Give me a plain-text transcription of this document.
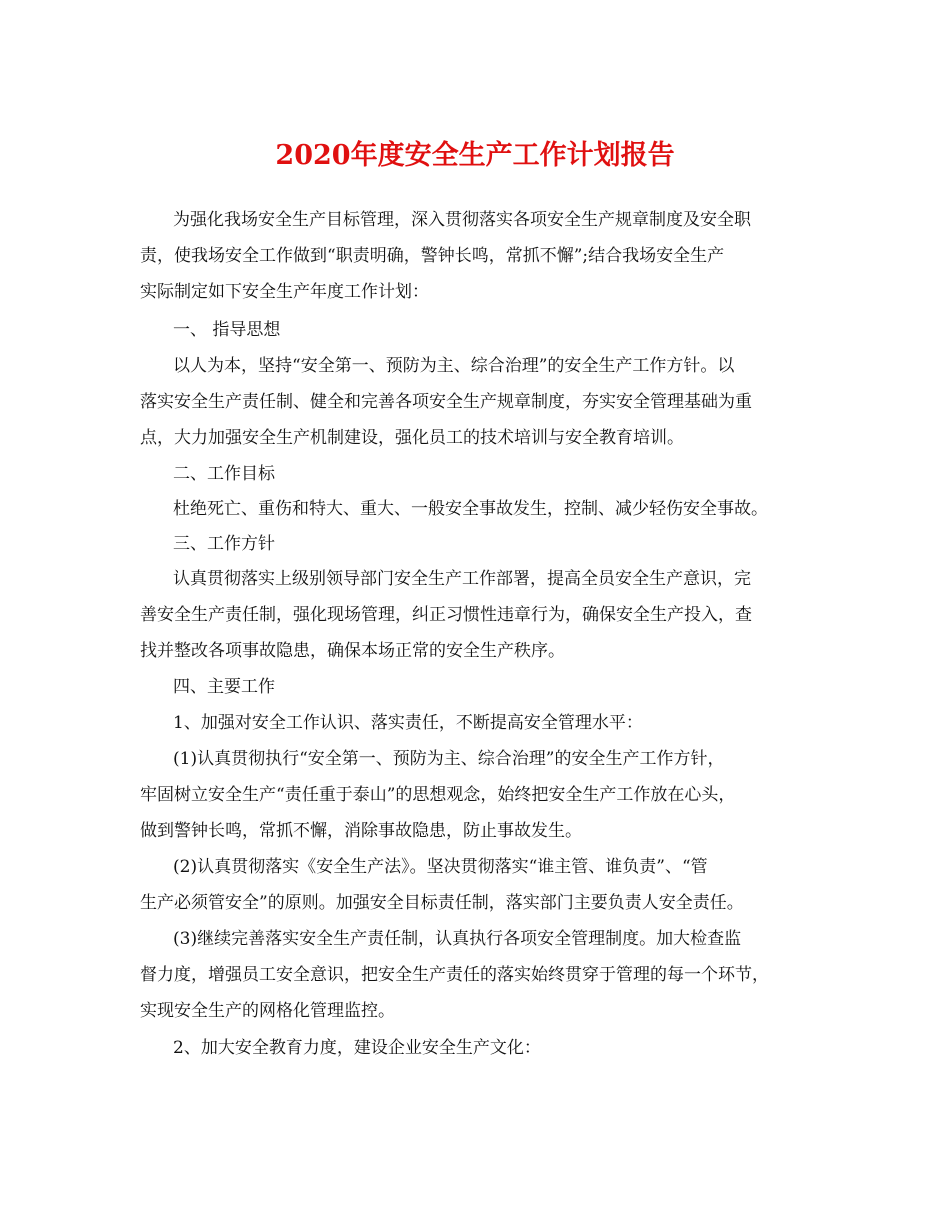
2020年度安全生产工作计划报告
为强化我场安全生产目标管理，深入贯彻落实各项安全生产规章制度及安全职
责，使我场安全工作做到“职责明确，警钟长鸣，常抓不懈”;结合我场安全生产
实际制定如下安全生产年度工作计划：
一、 指导思想
以人为本，坚持“安全第一、预防为主、综合治理”的安全生产工作方针。以
落实安全生产责任制、健全和完善各项安全生产规章制度，夯实安全管理基础为重
点，大力加强安全生产机制建设，强化员工的技术培训与安全教育培训。
二、工作目标
杜绝死亡、重伤和特大、重大、一般安全事故发生，控制、减少轻伤安全事故。
三、工作方针
认真贯彻落实上级别领导部门安全生产工作部署，提高全员安全生产意识，完
善安全生产责任制，强化现场管理，纠正习惯性违章行为，确保安全生产投入，查
找并整改各项事故隐患，确保本场正常的安全生产秩序。
四、主要工作
1、加强对安全工作认识、落实责任，不断提高安全管理水平：
(1)认真贯彻执行“安全第一、预防为主、综合治理”的安全生产工作方针，
牢固树立安全生产“责任重于泰山”的思想观念，始终把安全生产工作放在心头，
做到警钟长鸣，常抓不懈，消除事故隐患，防止事故发生。
(2)认真贯彻落实《安全生产法》。坚决贯彻落实“谁主管、谁负责”、“管
生产必须管安全”的原则。加强安全目标责任制，落实部门主要负责人安全责任。
(3)继续完善落实安全生产责任制，认真执行各项安全管理制度。加大检查监
督力度，增强员工安全意识，把安全生产责任的落实始终贯穿于管理的每一个环节，
实现安全生产的网格化管理监控。
2、加大安全教育力度，建设企业安全生产文化：
